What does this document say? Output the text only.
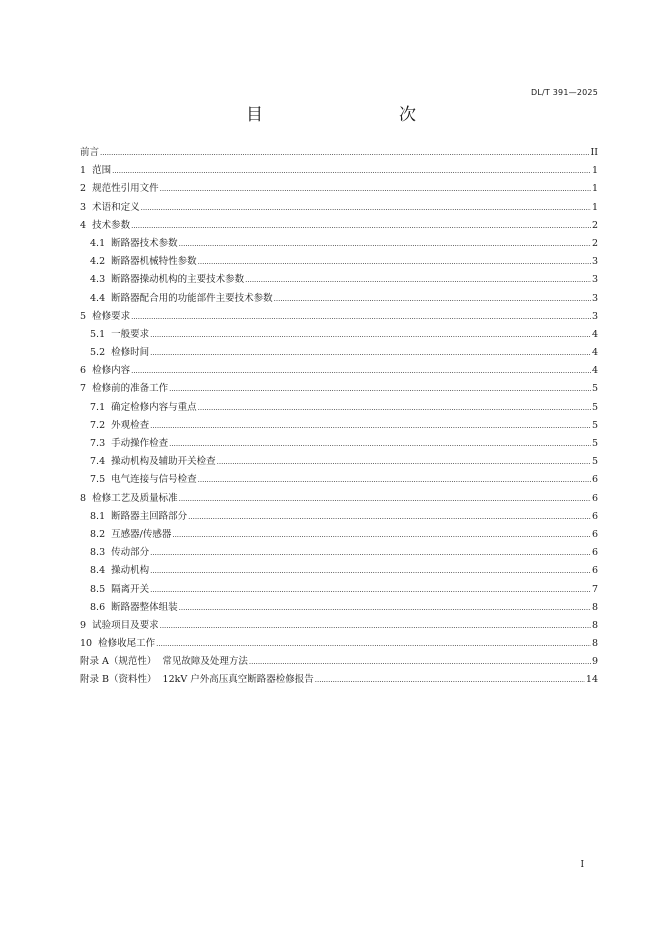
DL/T 391—2025
目　　次
前言 .....	II
1  范围 .....	1
2  规范性引用文件 .....	1
3  术语和定义 .....	1
4  技术参数 .....	2
4.1  断路器技术参数 .....	2
4.2  断路器机械特性参数 .....	3
4.3  断路器操动机构的主要技术参数 .....	3
4.4  断路器配合用的功能部件主要技术参数 .....	3
5  检修要求 .....	3
5.1  一般要求 .....	4
5.2  检修时间 .....	4
6  检修内容 .....	4
7  检修前的准备工作 .....	5
7.1  确定检修内容与重点 .....	5
7.2  外观检查 .....	5
7.3  手动操作检查 .....	5
7.4  操动机构及辅助开关检查 .....	5
7.5  电气连接与信号检查 .....	6
8  检修工艺及质量标准 .....	6
8.1  断路器主回路部分 .....	6
8.2  互感器/传感器 .....	6
8.3  传动部分 .....	6
8.4  操动机构 .....	6
8.5  隔离开关 .....	7
8.6  断路器整体组装 .....	8
9  试验项目及要求 .....	8
10  检修收尾工作 .....	8
附录 A（规范性）  常见故障及处理方法 .....	9
附录 B（资料性）  12kV 户外高压真空断路器检修报告 .....	14
I
